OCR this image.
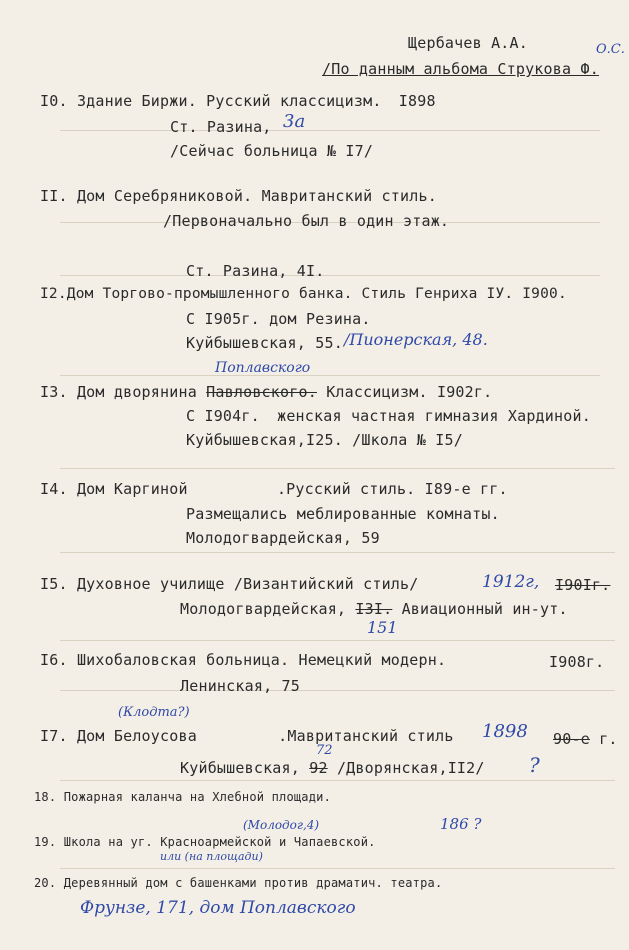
Щербачев А.А.
/По данным альбома Струкова Ф.
О.С.
I0. Здание Биржи. Русский классицизм. I898
Ст. Разина, 3а
/Сейчас больница № I7/
II. Дом Серебряниковой. Мавританский стиль.
/Первоначально был в один этаж.
Ст. Разина, 4I.
I2.Дом Торгово-промышленного банка. Стиль Генриха IУ. I900.
С I905г. дом Резина.
Куйбышевская, 55. /Пионерская, 48.
Поплавского
I3. Дом дворянина Павловского. Классицизм. I902г.
С I904г. женская частная гимназия Хардиной.
Куйбышевская,I25. /Школа № I5/
I4. Дом Каргиной	.Русский стиль. I89-е гг.
Размещались меблированные комнаты.
Молодогвардейская, 59
I5. Духовное училище /Византийский стиль/	1912г, I90Iг.
Молодогвардейская, I3I. Авиационный ин-ут.
151
I6. Шихобаловская больница. Немецкий модерн.	I908г.
Ленинская, 75
(Клодта?)
I7. Дом Белоусова	.Мавританский стиль 1898 90-е г.
72
Куйбышевская, 92 /Дворянская,II2/ ?
18. Пожарная каланча на Хлебной площади.
(Молодог,4)	186 ?
19. Школа на уг. Красноармейской и Чапаевской.
или (на площади)
20. Деревянный дом с башенками против драматич. театра.
Фрунзе, 171, дом Поплавского
